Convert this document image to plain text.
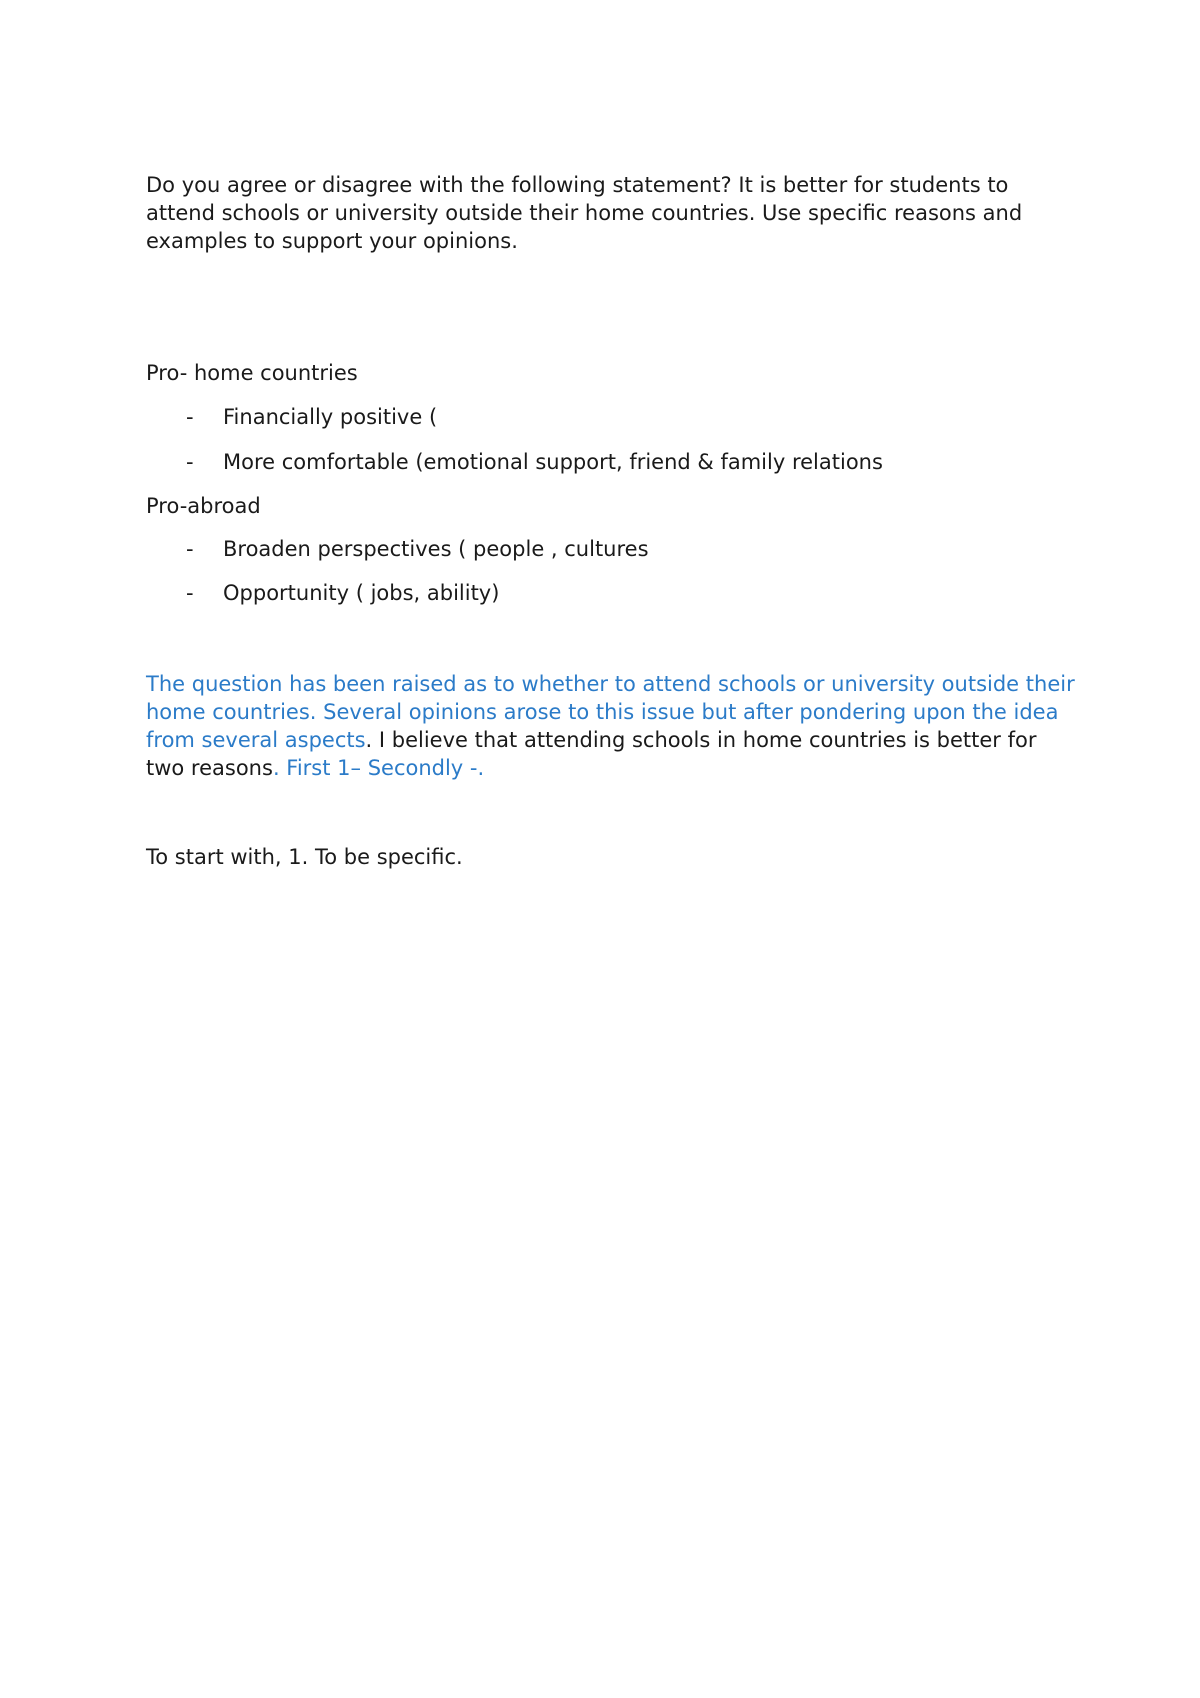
Do you agree or disagree with the following statement? It is better for students to attend schools or university outside their home countries. Use specific reasons and examples to support your opinions.

Pro- home countries

- Financially positive (
- More comfortable (emotional support, friend & family relations

Pro-abroad

- Broaden perspectives ( people , cultures
- Opportunity ( jobs, ability)

The question has been raised as to whether to attend schools or university outside their home countries. Several opinions arose to this issue but after pondering upon the idea from several aspects. I believe that attending schools in home countries is better for two reasons. First 1– Secondly -.

To start with, 1. To be specific.
